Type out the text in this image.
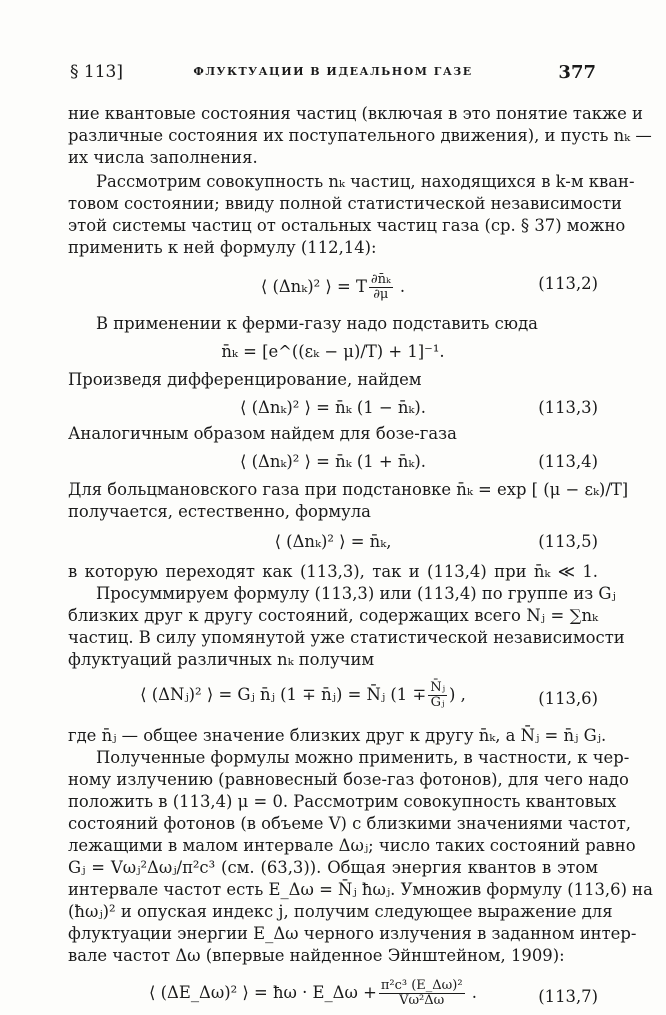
§ 113]	ФЛУКТУАЦИИ В ИДЕАЛЬНОМ ГАЗЕ	377

ние квантовые состояния частиц (включая в это понятие также и
различные состояния их поступательного движения), и пусть nₖ —
их числа заполнения.

Рассмотрим совокупность nₖ частиц, находящихся в k-м кван-
товом состоянии; ввиду полной статистической независимости
этой системы частиц от остальных частиц газа (ср. § 37) можно
применить к ней формулу (112,14):

⟨ (Δnₖ)² ⟩ = T $\frac{\text{∂n̄ₖ}}{\partial\mu}$ .	(113,2)

В применении к ферми-газу надо подставить сюда

n̄ₖ = [e^((εₖ − μ)/T) + 1]⁻¹.

Произведя дифференцирование, найдем

⟨ (Δnₖ)² ⟩ = n̄ₖ (1 − n̄ₖ).	(113,3)

Аналогичным образом найдем для бозе-газа

⟨ (Δnₖ)² ⟩ = n̄ₖ (1 + n̄ₖ).	(113,4)

Для больцмановского газа при подстановке n̄ₖ = exp [ (μ − εₖ)/T]
получается, естественно, формула

⟨ (Δnₖ)² ⟩ = n̄ₖ,	(113,5)

в которую переходят как (113,3), так и (113,4) при n̄ₖ ≪ 1.

Просуммируем формулу (113,3) или (113,4) по группе из Gⱼ
близких друг к другу состояний, содержащих всего Nⱼ = ∑nₖ
частиц. В силу упомянутой уже статистической независимости
флуктуаций различных nₖ получим

⟨ (ΔNⱼ)² ⟩ = Gⱼ n̄ⱼ (1 ∓ n̄ⱼ) = N̄ⱼ ($1 \mp \frac{\text{N̄ⱼ}}{\text{Gⱼ}}$ ) ,	(113,6)

где n̄ⱼ — общее значение близких друг к другу n̄ₖ, а N̄ⱼ = n̄ⱼ Gⱼ.

Полученные формулы можно применить, в частности, к чер-
ному излучению (равновесный бозе-газ фотонов), для чего надо
положить в (113,4) μ = 0. Рассмотрим совокупность квантовых
состояний фотонов (в объеме V) с близкими значениями частот,
лежащими в малом интервале Δωⱼ; число таких состояний равно
Gⱼ = Vωⱼ²Δωⱼ/π²c³ (см. (63,3)). Общая энергия квантов в этом
интервале частот есть E_Δω = N̄ⱼ ħωⱼ. Умножив формулу (113,6) на
(ħωⱼ)² и опуская индекс j, получим следующее выражение для
флуктуации энергии E_Δω черного излучения в заданном интер-
вале частот Δω (впервые найденное Эйнштейном, 1909):

⟨ (ΔE_Δω)² ⟩ = ħω · E_Δω + $\frac{\text{π²c³ (E\_Δω)²}}{\text{Vω²Δω}}$ .	(113,7)
